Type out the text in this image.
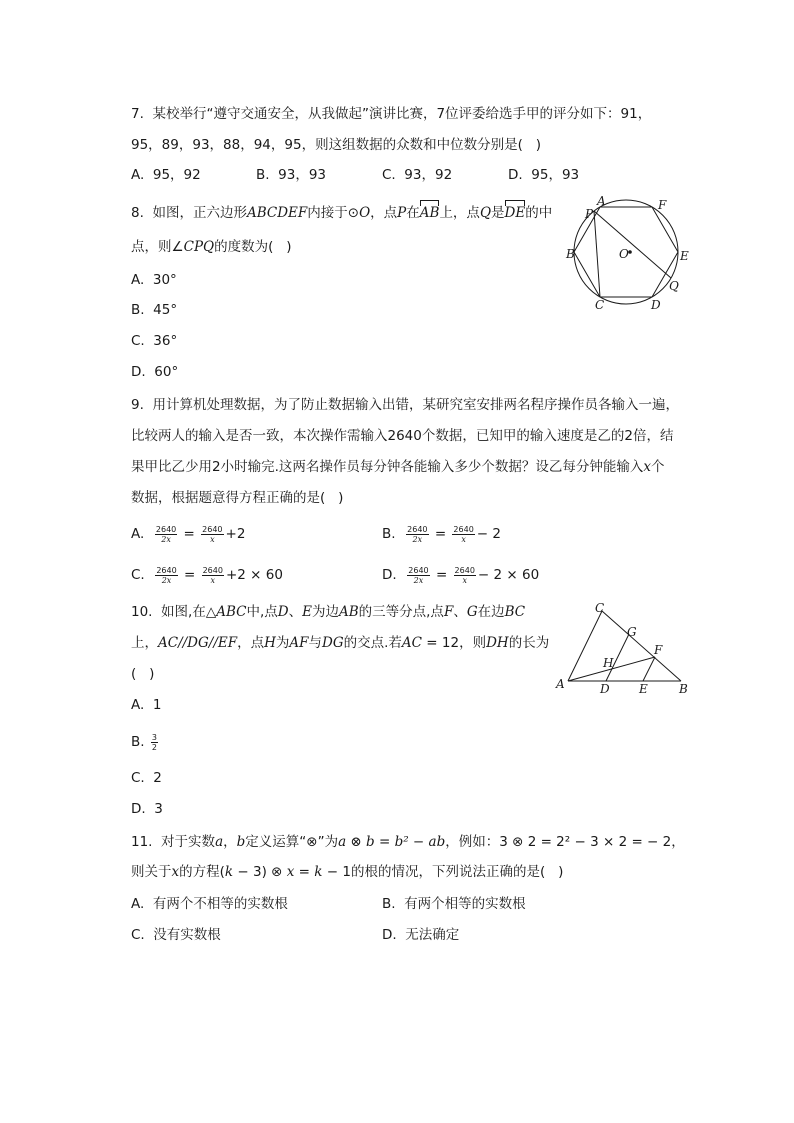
7.  某校举行“遵守交通安全，从我做起”演讲比赛，7位评委给选手甲的评分如下：91，
95，89，93，88，94，95，则这组数据的众数和中位数分别是(   )
A.  95，92	B.  93，93	C.  93，92	D.  95，93
8. 如图，正六边形ABCDEF内接于⊙O，点P在AB上，点Q是DE的中
点，则∠CPQ的度数为(   )
A.  30°
B.  45°
C.  36°
D.  60°
A	F
P
B	O	E
Q
C	D
9.  用计算机处理数据，为了防止数据输入出错，某研究室安排两名程序操作员各输入一遍，
比较两人的输入是否一致，本次操作需输入2640个数据，已知甲的输入速度是乙的2倍，结
果甲比乙少用2小时输完.这两名操作员每分钟各能输入多少个数据？设乙每分钟能输入x个
数据，根据题意得方程正确的是(   )
A. $\frac{2640}{2x} = \frac{2640}{x} +2$	B. $\frac{2640}{2x} = \frac{2640}{x} - 2$
C. $\frac{2640}{2x} = \frac{2640}{x} +2 \times 60$	D. $\frac{2640}{2x} = \frac{2640}{x} - 2 \times 60$
10.  如图,在△ABC中,点D、E为边AB的三等分点,点F、G在边BC
上，AC//DG//EF，点H为AF与DG的交点.若AC = 12，则DH的长为
(   )
A.  1
B. $\frac{3}{2}$
C.  2
D.  3
C
G
F
H
A	D E	B
11.  对于实数a，b定义运算“⊗”为a ⊗ b = b² − ab，例如：3 ⊗ 2 = 2² − 3 × 2 = − 2，
则关于x的方程(k − 3) ⊗ x = k − 1的根的情况，下列说法正确的是(   )
A.  有两个不相等的实数根	B.  有两个相等的实数根
C.  没有实数根	D.  无法确定
